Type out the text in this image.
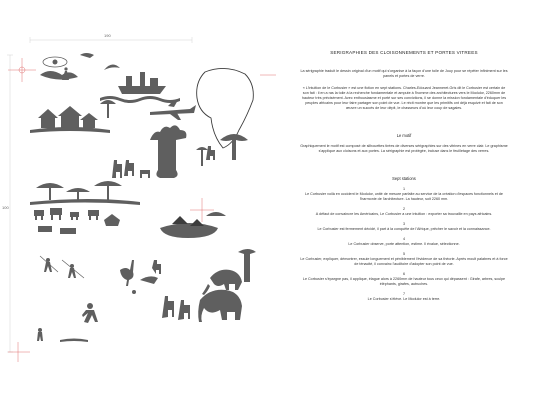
190
100
SERIGRAPHIES DES CLOISONNEMENTS ET PORTES VITREES

La sérigraphie traduit le dessin original d'un motif qui s'organise à la façon d'une toile de Jouy pour se répéter infiniment sur les panels et portes de verre.

« L'intuition de le Corbusier » est une fiction en sept stations. Charles-Edouard Jeanneret-Gris dit le Corbusier est certain de son fait : il en a ras la toile à la recherche fondamentale et ampute à l'homme des architectures vers le Modulor, 2260mm de hauteur très précisément. Avec enthousiasme et porté sur ses convictions, il se donne la mission fondamentale d'éduquer les peuples africains pour leur faire partager son point de vue. Le récit montre que les primitifs ont déjà esquivé et fait de son œuvre un succès de leur dépit, le chasseurs d'où leur coup de sagaies.

Le motif

Graphiquement le motif est composé de silhouettes tirées de diverses sérigraphies sur des vitrines en verre clair. Le graphisme s'applique aux cloisons et aux portes. La sérigraphie est protégée, incluse dans le feuilletage des verres.

Sept stations
1

Le Corbusier voilà en occident le Modulor, unité de mesure parfaite au service de la création d'espaces fonctionnels et de l'harmonie de l'architecture. La hauteur, soit 2260 mm.

2

A défaut de convaincre les Américains, Le Corbusier a une intuition : exporter sa trouvaille en pays africains.

3

Le Corbusier est fermement décidé, il part à la conquête de l'Afrique, prêcher le savoir et la connaissance.

4

Le Corbusier observe, porte attention, estime. Il évalue, sélectionne.

5

Le Corbusier, expliquer, démontrer, essuie longuement et péniblement l'évidence de sa théorie. Après moult palabres et à force de ténacité, il convainc l'auditoire d'adopter son point de vue.

6

Le Corbusier s'épargne pas, il applique, élague alors à 2260mm de hauteur tous ceux qui dépassent : Girafe, arbres, sculpe éléphants, girafes, autruches.

7

Le Corbusier s'élève. Le Modulor est à terre.
